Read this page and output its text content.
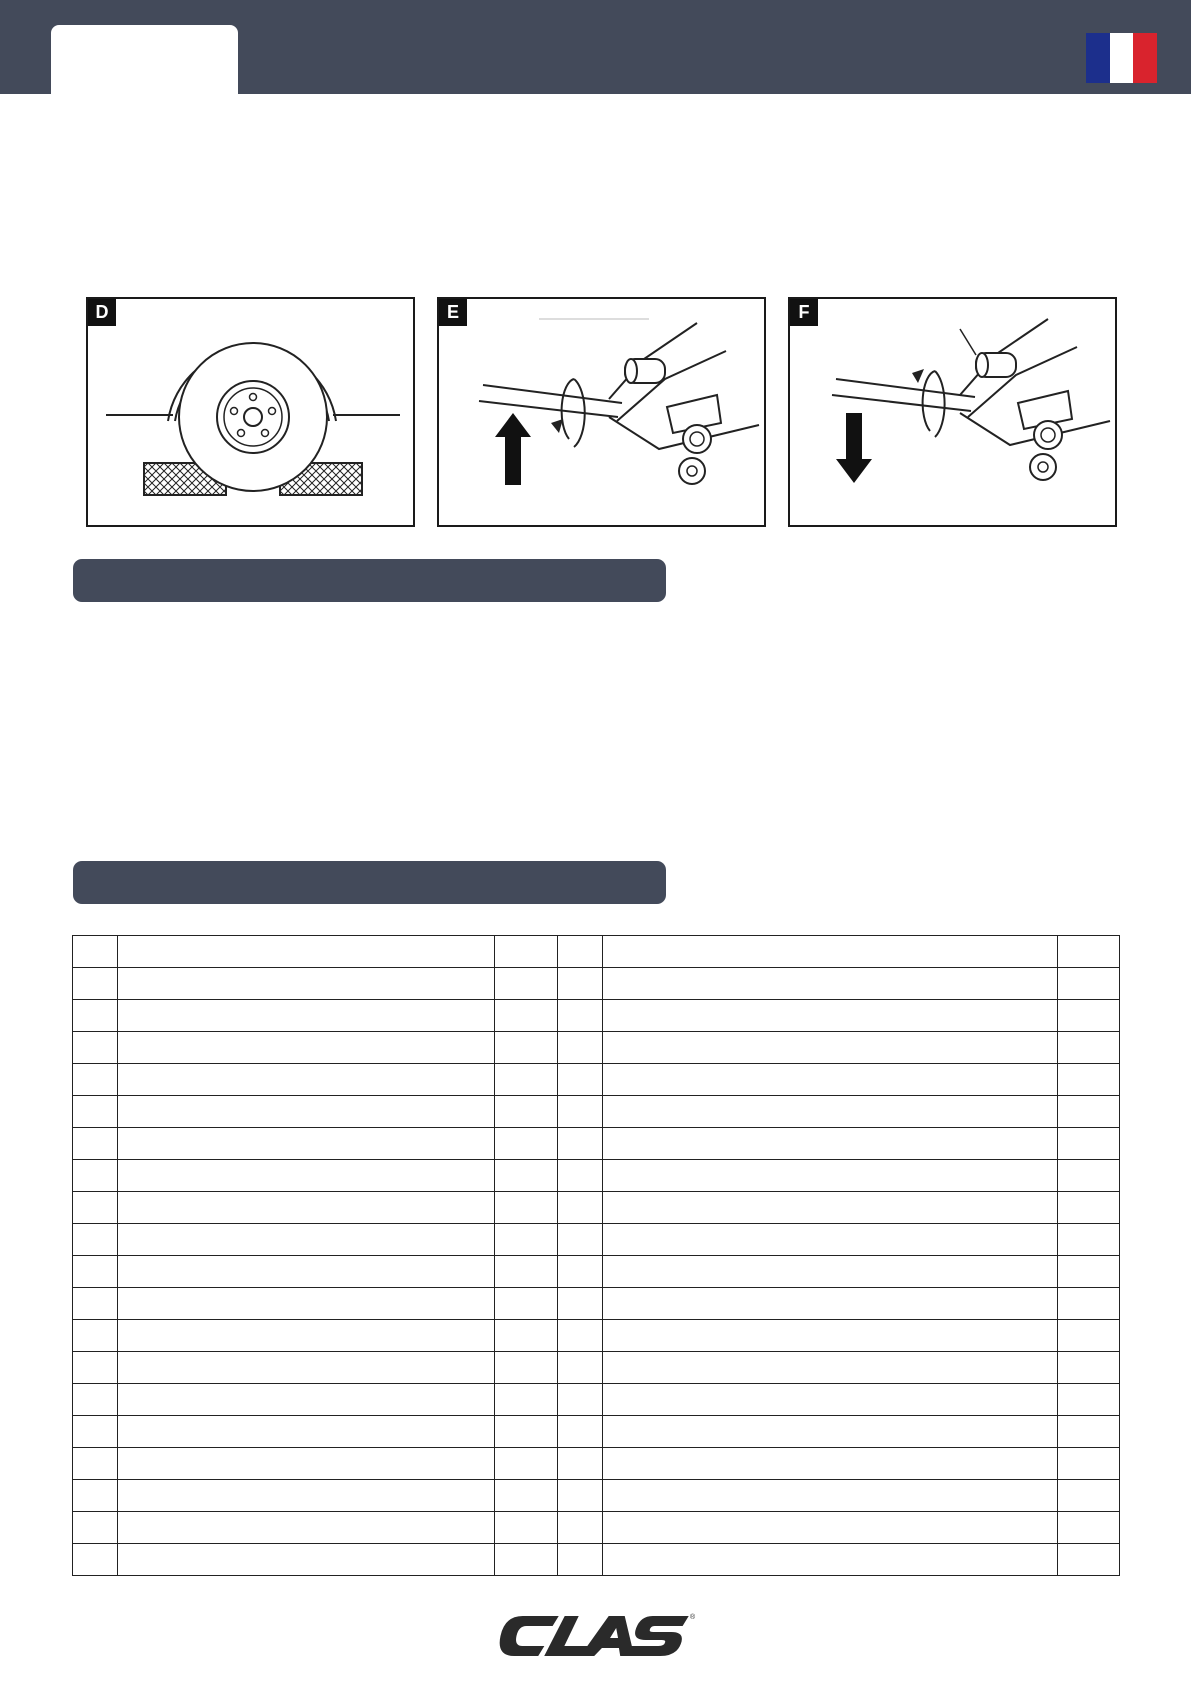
D	E	F

®
